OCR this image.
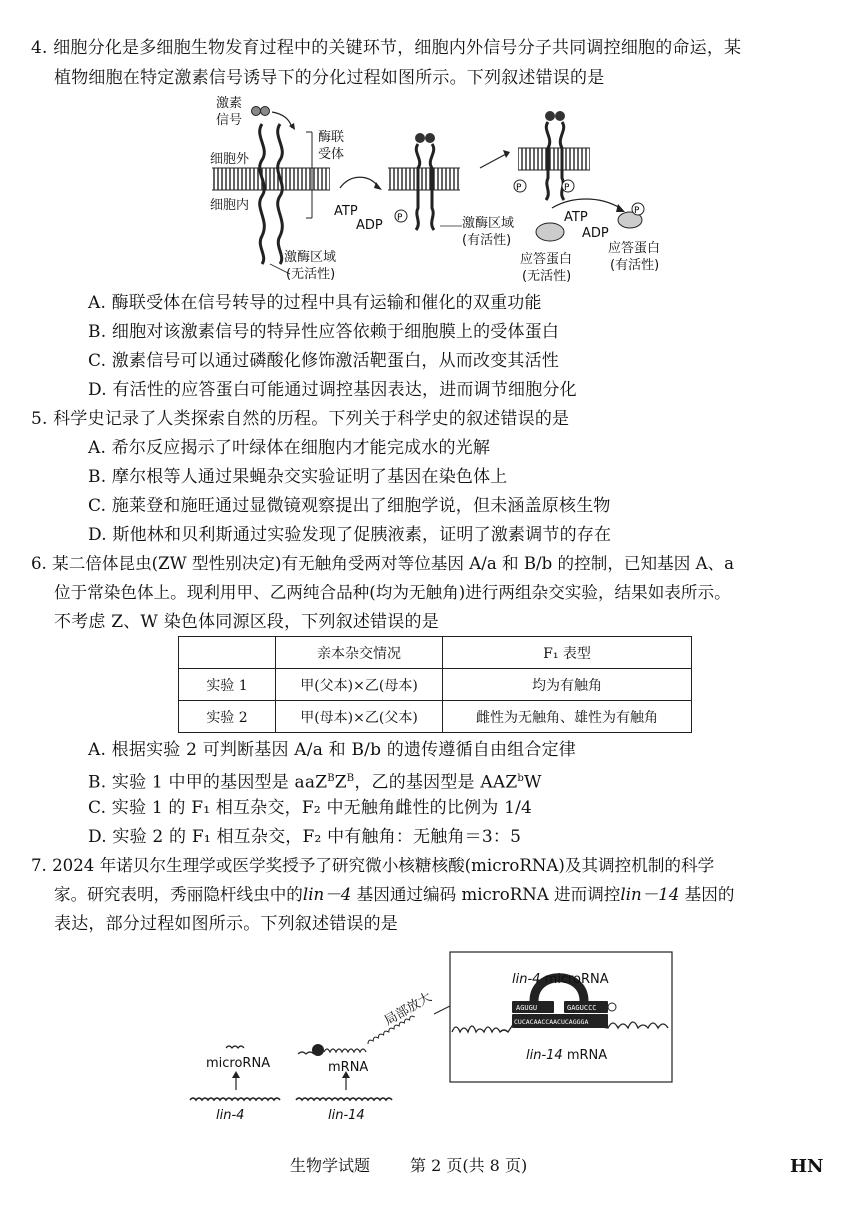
4. 细胞分化是多细胞生物发育过程中的关键环节，细胞内外信号分子共同调控细胞的命运，某
植物细胞在特定激素信号诱导下的分化过程如图所示。下列叙述错误的是
P
P	P
P
激素
信号
酶联
受体
细胞外
细胞内	ATP
ADP
激酶区域
(无活性)
激酶区域
(有活性)
ATP
ADP
应答蛋白
(无活性)
应答蛋白
(有活性)
A. 酶联受体在信号转导的过程中具有运输和催化的双重功能
B. 细胞对该激素信号的特异性应答依赖于细胞膜上的受体蛋白
C. 激素信号可以通过磷酸化修饰激活靶蛋白，从而改变其活性
D. 有活性的应答蛋白可能通过调控基因表达，进而调节细胞分化
5. 科学史记录了人类探索自然的历程。下列关于科学史的叙述错误的是
A. 希尔反应揭示了叶绿体在细胞内才能完成水的光解
B. 摩尔根等人通过果蝇杂交实验证明了基因在染色体上
C. 施莱登和施旺通过显微镜观察提出了细胞学说，但未涵盖原核生物
D. 斯他林和贝利斯通过实验发现了促胰液素，证明了激素调节的存在
6. 某二倍体昆虫(ZW 型性别决定)有无触角受两对等位基因 A/a 和 B/b 的控制，已知基因 A、a
位于常染色体上。现利用甲、乙两纯合品种(均为无触角)进行两组杂交实验，结果如表所示。
不考虑 Z、W 染色体同源区段，下列叙述错误的是
	亲本杂交情况	F₁ 表型
实验 1	甲(父本)×乙(母本)	均为有触角
实验 2	甲(母本)×乙(父本)	雌性为无触角、雄性为有触角
A. 根据实验 2 可判断基因 A/a 和 B/b 的遗传遵循自由组合定律
B. 实验 1 中甲的基因型是 $aaZ^BZ^B$，乙的基因型是 AAZ$^b$W
C. 实验 1 的 F₁ 相互杂交，F₂ 中无触角雌性的比例为 1/4
D. 实验 2 的 F₁ 相互杂交，F₂ 中有触角：无触角＝3：5
7. 2024 年诺贝尔生理学或医学奖授予了研究微小核糖核酸(microRNA)及其调控机制的科学
家。研究表明，秀丽隐杆线虫中的lin－4 基因通过编码 microRNA 进而调控lin－14 基因的
表达，部分过程如图所示。下列叙述错误的是
AGUGU	GAGUCCC
CUCACAACCAACUCAGGGA
microRNA	mRNA
lin-4	lin-14
局部放大
lin-4 microRNA
lin-14 mRNA
生物学试题 第 2 页(共 8 页)	HN
